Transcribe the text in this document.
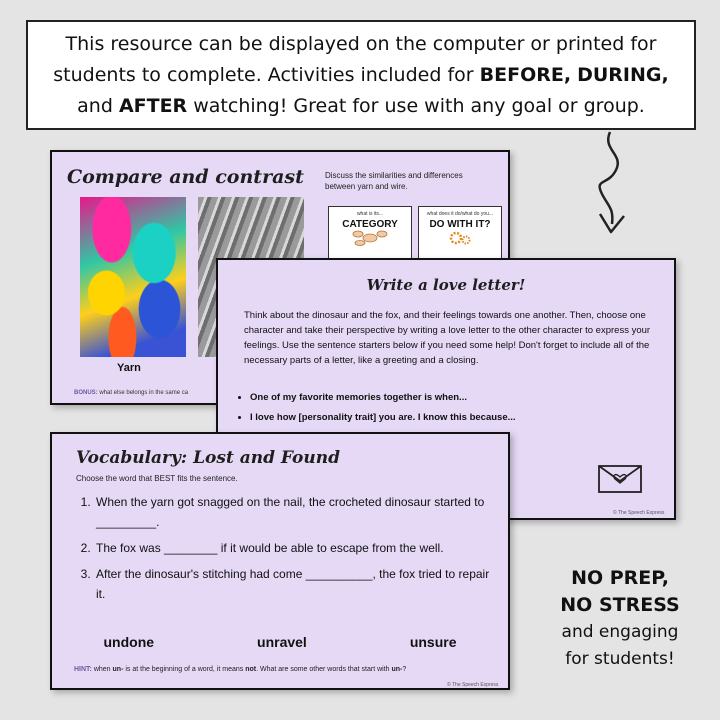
This resource can be displayed on the computer or printed for students to complete. Activities included for BEFORE, DURING, and AFTER watching! Great for use with any goal or group.
Compare and contrast	Discuss the similarities and differences between yarn and wire.
Yarn
what is its...
CATEGORY
what does it do/what do you...
DO WITH IT?
BONUS: what else belongs in the same ca
Write a love letter!
Think about the dinosaur and the fox, and their feelings towards one another. Then, choose one character and take their perspective by writing a love letter to the other character to express your feelings. Use the sentence starters below if you need some help! Don't forget to include all of the necessary parts of a letter, like a greeting and a closing.
• One of my favorite memories together is when...
• I love how [personality trait] you are. I know this because...
© The Speech Express
Vocabulary: Lost and Found
Choose the word that BEST fits the sentence.
1. When the yarn got snagged on the nail, the crocheted dinosaur started to _________.
2. The fox was ________ if it would be able to escape from the well.
3. After the dinosaur's stitching had come __________, the fox tried to repair it.
undone	unravel	unsure
HINT: when un- is at the beginning of a word, it means not. What are some other words that start with un-?
© The Speech Express
NO PREP,
NO STRESS
and engaging
for students!
